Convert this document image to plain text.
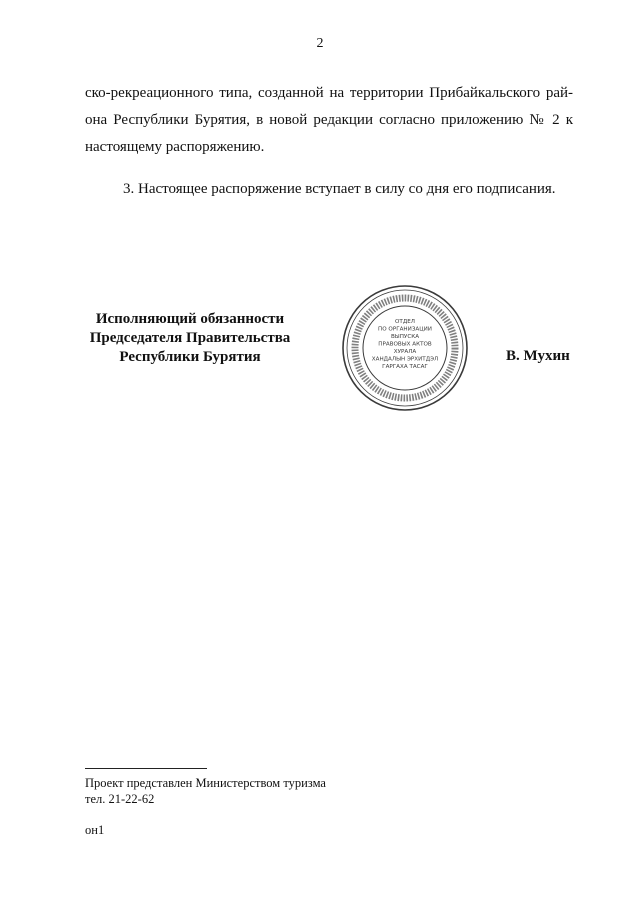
2

ско-рекреационного типа, созданной на территории Прибайкальского рай-

она Республики Бурятия, в новой редакции согласно приложению № 2 к

настоящему распоряжению.

3. Настоящее распоряжение вступает в силу со дня его подписания.
Исполняющий обязанности
Председателя Правительства
Республики Бурятия
ОТДЕЛ
ПО ОРГАНИЗАЦИИ
ВЫПУСКА
ПРАВОВЫХ АКТОВ
ХУРАЛА
ХАНДАЛЫН ЭРХИТДЭЛ
ГАРГАХА ТАСАГ
В. Мухин
Проект представлен Министерством туризма
тел. 21-22-62
он1
